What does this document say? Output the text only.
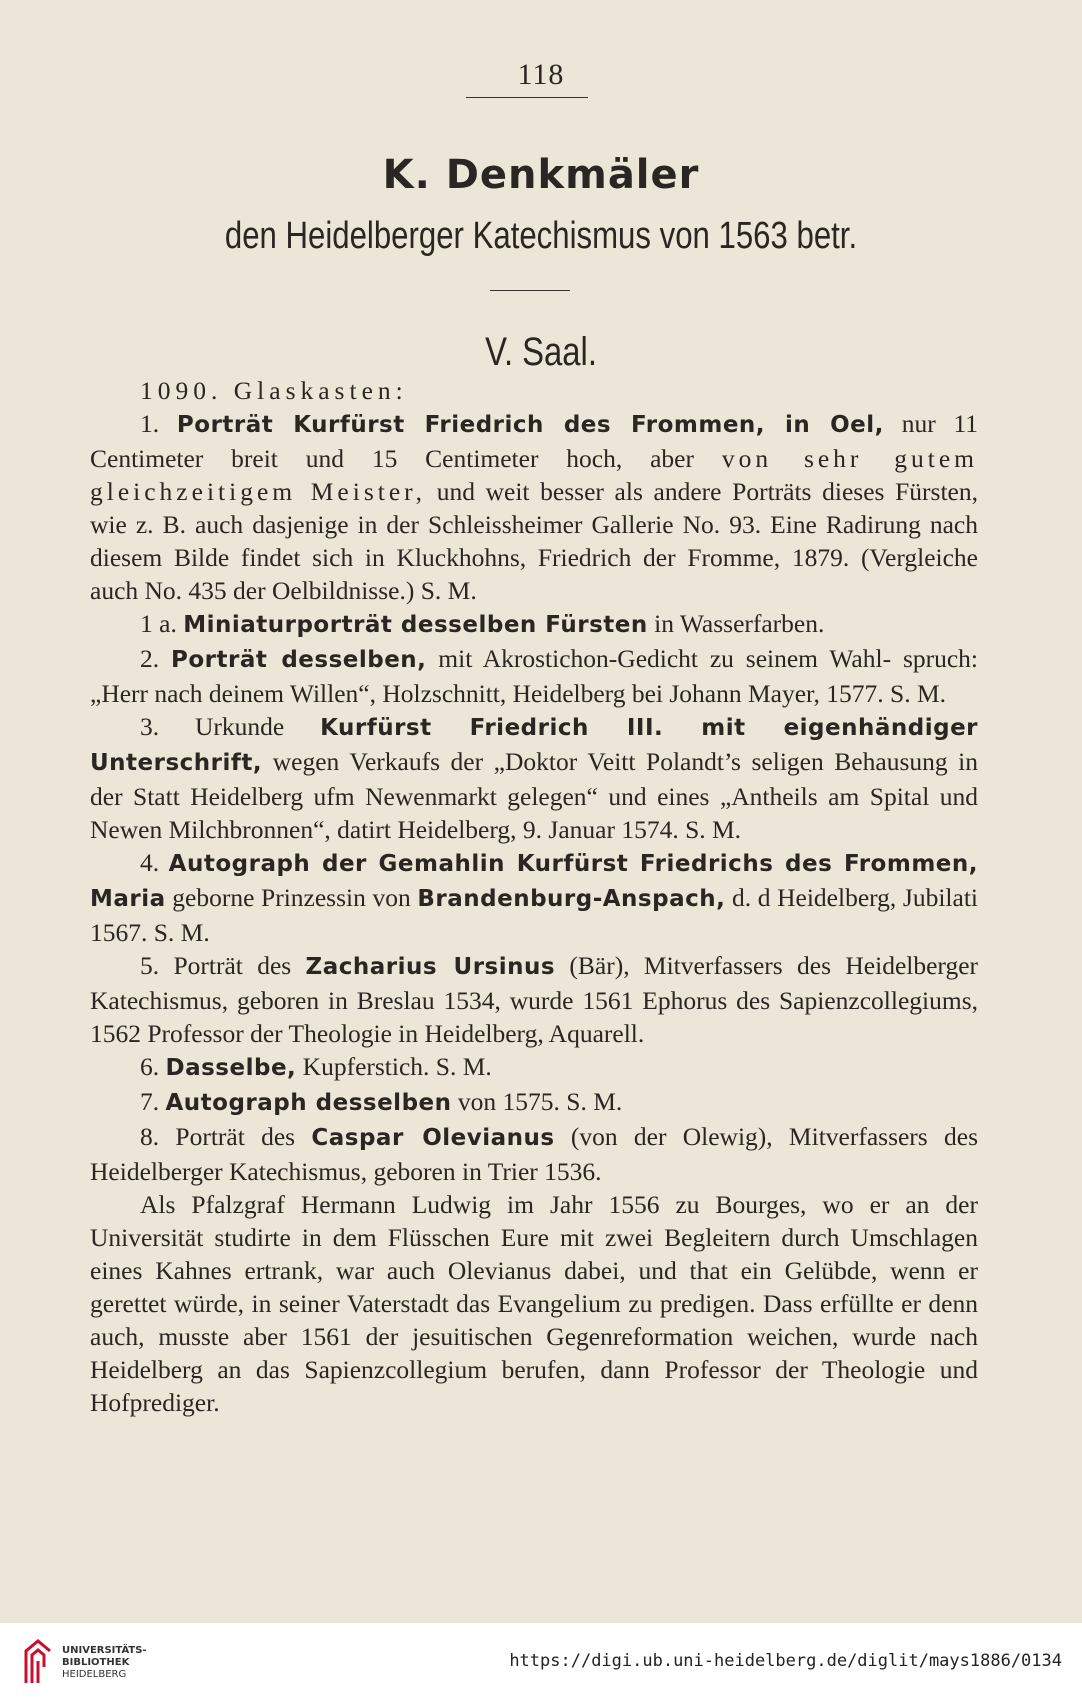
118
K. Denkmäler
den Heidelberger Katechismus von 1563 betr.
V. Saal.

1090. Glaskasten:

1. Porträt Kurfürst Friedrich des Frommen, in Oel, nur 11 Centimeter breit und 15 Centimeter hoch, aber von sehr gutem gleichzeitigem Meister, und weit besser als andere Porträts dieses Fürsten, wie z. B. auch dasjenige in der Schleissheimer Gallerie No. 93. Eine Radirung nach diesem Bilde findet sich in Kluckhohns, Friedrich der Fromme, 1879. (Vergleiche auch No. 435 der Oelbildnisse.) S. M.

1 a. Miniaturporträt desselben Fürsten in Wasserfarben.

2. Porträt desselben, mit Akrostichon-Gedicht zu seinem Wahl- spruch: „Herr nach deinem Willen“, Holzschnitt, Heidelberg bei Johann Mayer, 1577. S. M.

3. Urkunde Kurfürst Friedrich III. mit eigenhändiger Unterschrift, wegen Verkaufs der „Doktor Veitt Polandt’s seligen Behausung in der Statt Heidelberg ufm Newenmarkt gelegen“ und eines „Antheils am Spital und Newen Milchbronnen“, datirt Heidelberg, 9. Januar 1574. S. M.

4. Autograph der Gemahlin Kurfürst Friedrichs des Frommen, Maria geborne Prinzessin von Brandenburg-Anspach, d. d Heidelberg, Jubilati 1567. S. M.

5. Porträt des Zacharius Ursinus (Bär), Mitverfassers des Heidelberger Katechismus, geboren in Breslau 1534, wurde 1561 Ephorus des Sapienzcollegiums, 1562 Professor der Theologie in Heidelberg, Aquarell.

6. Dasselbe, Kupferstich. S. M.

7. Autograph desselben von 1575. S. M.

8. Porträt des Caspar Olevianus (von der Olewig), Mitverfassers des Heidelberger Katechismus, geboren in Trier 1536.

Als Pfalzgraf Hermann Ludwig im Jahr 1556 zu Bourges, wo er an der Universität studirte in dem Flüsschen Eure mit zwei Begleitern durch Umschlagen eines Kahnes ertrank, war auch Olevianus dabei, und that ein Gelübde, wenn er gerettet würde, in seiner Vaterstadt das Evangelium zu predigen. Dass erfüllte er denn auch, musste aber 1561 der jesuitischen Gegenreformation weichen, wurde nach Heidelberg an das Sapienzcollegium berufen, dann Professor der Theologie und Hofprediger.

UNIVERSITÄTS-
BIBLIOTHEK
HEIDELBERG
https://digi.ub.uni-heidelberg.de/diglit/mays1886/0134
